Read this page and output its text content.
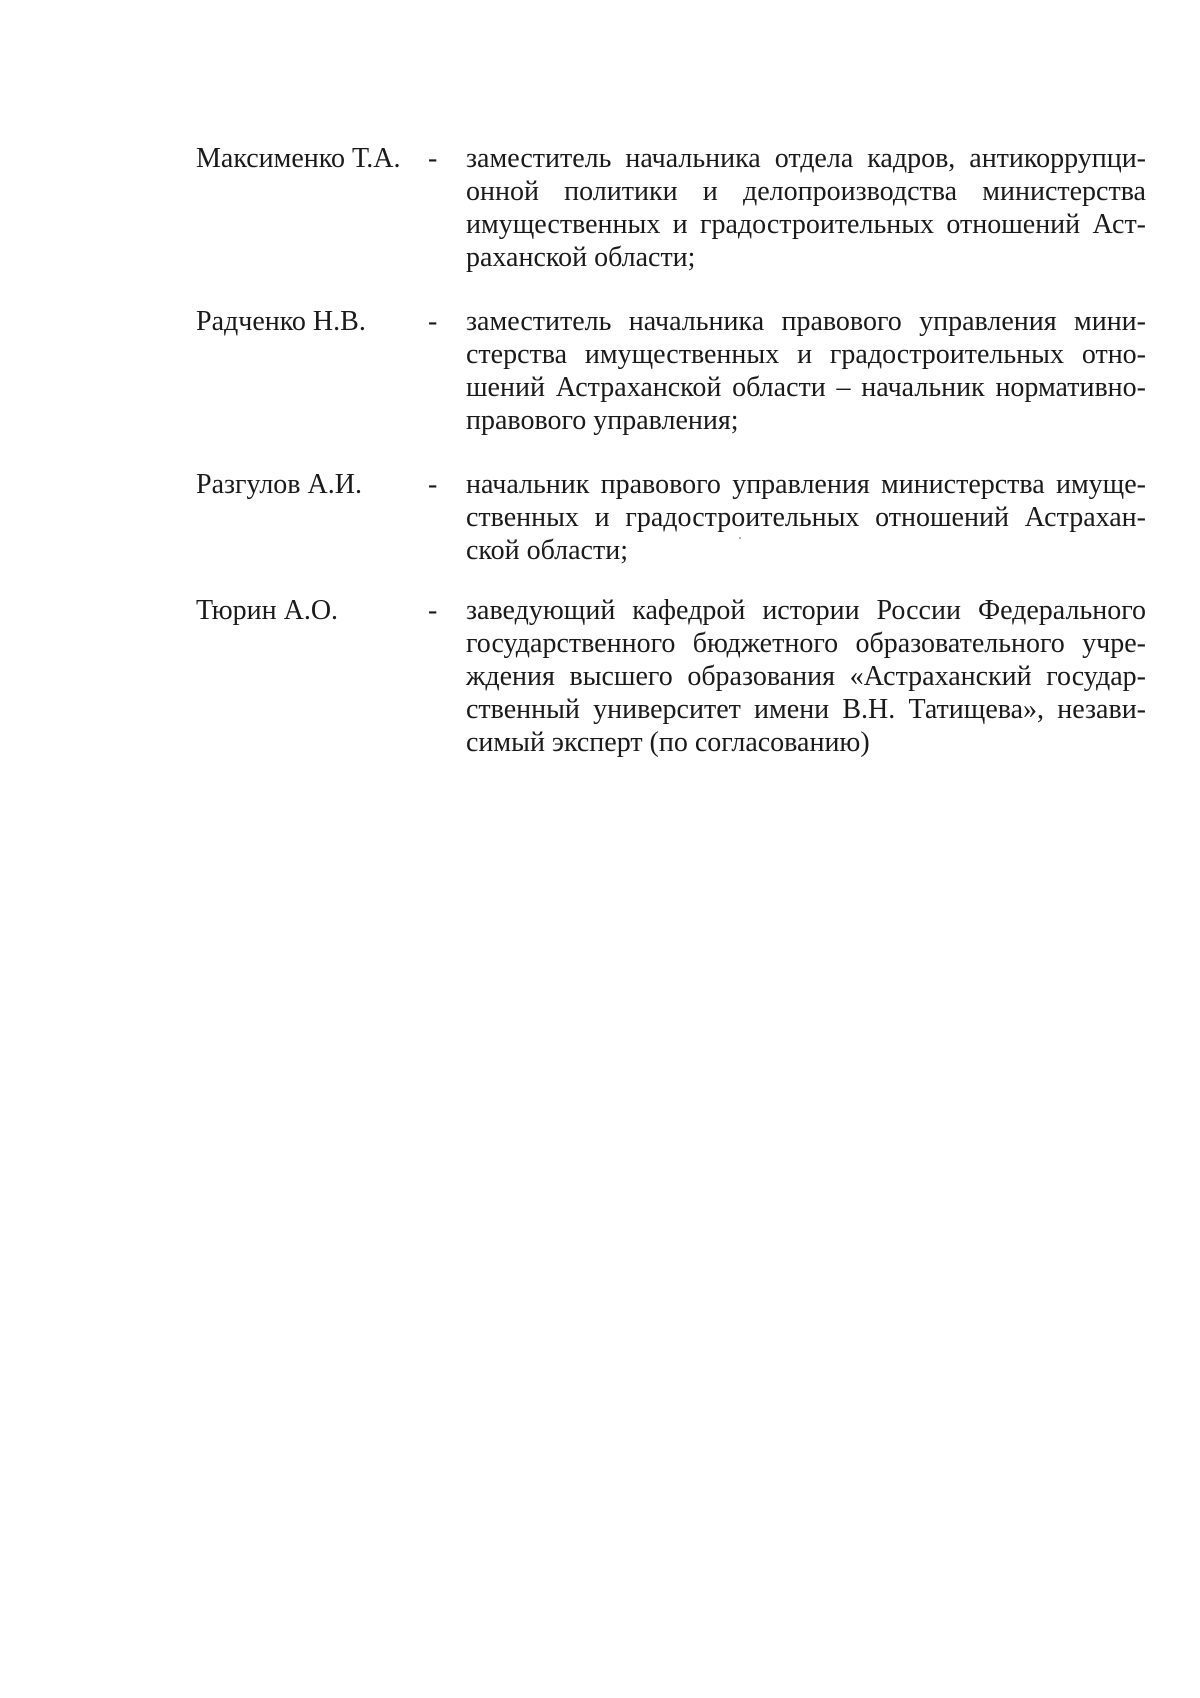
Максименко Т.А. - заместитель начальника отдела кадров, антикоррупци-
онной политики и делопроизводства министерства
имущественных и градостроительных отношений Аст-
раханской области;
Радченко Н.В. - заместитель начальника правового управления мини-
стерства имущественных и градостроительных отно-
шений Астраханской области – начальник нормативно-
правового управления;
Разгулов А.И. - начальник правового управления министерства имуще-
ственных и градостроительных отношений Астрахан-
ской области;
Тюрин А.О.	- заведующий кафедрой истории России Федерального
государственного бюджетного образовательного учре-
ждения высшего образования «Астраханский государ-
ственный университет имени В.Н. Татищева», незави-
симый эксперт (по согласованию)
